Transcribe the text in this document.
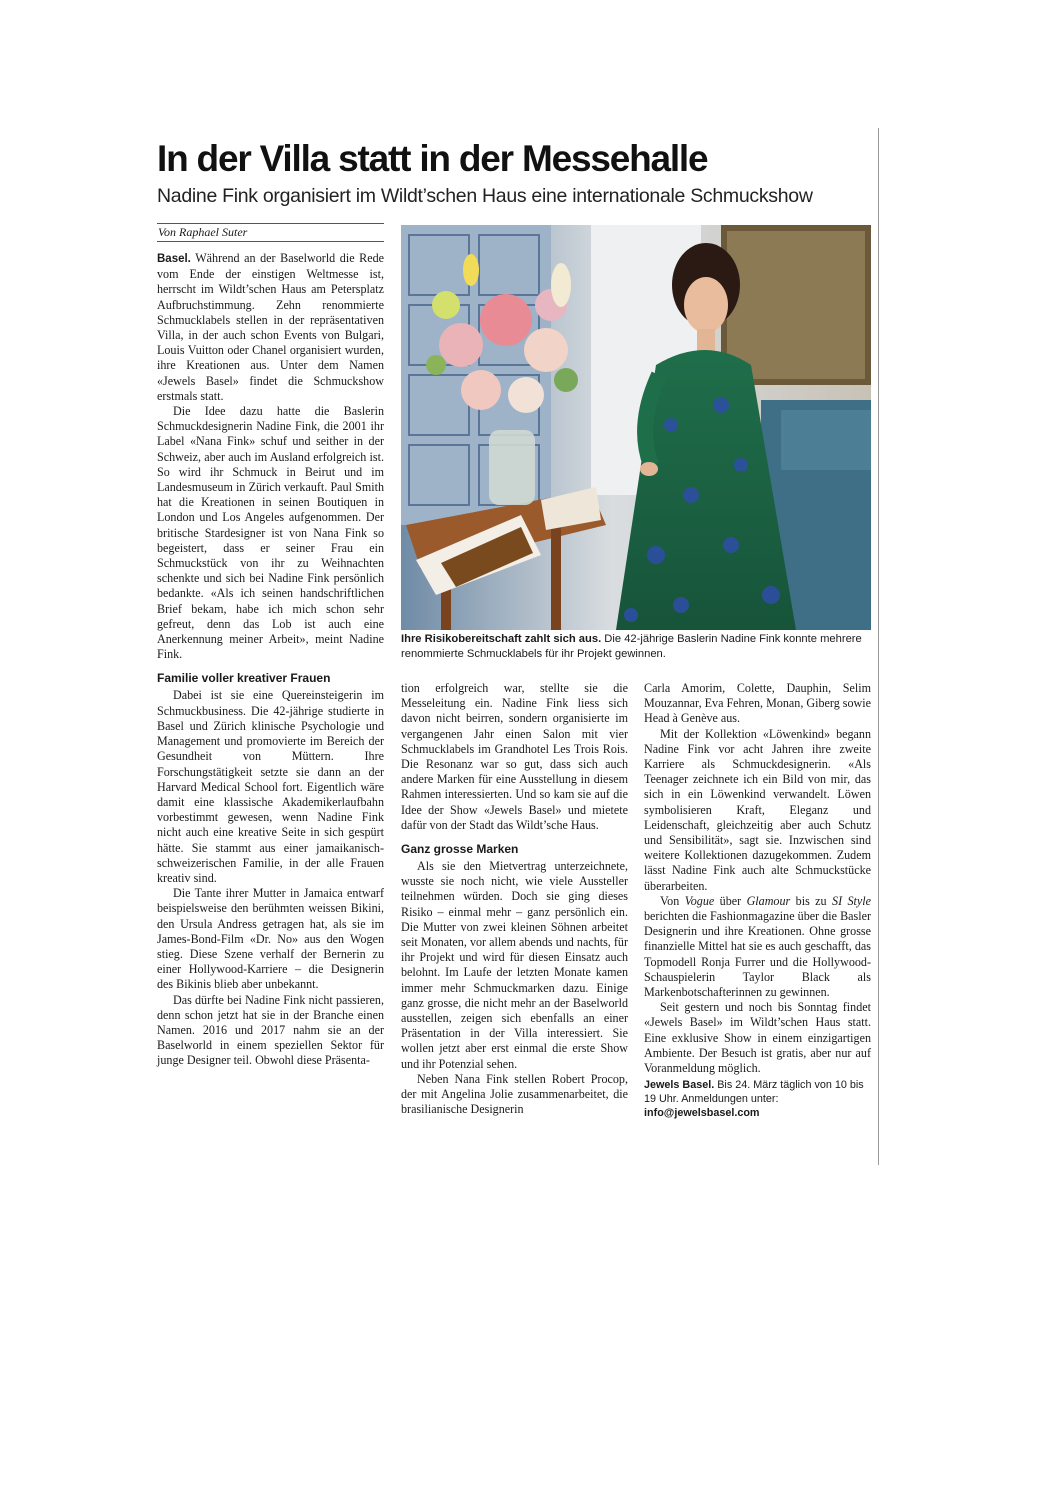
In der Villa statt in der Messehalle
Nadine Fink organisiert im Wildt’schen Haus eine internationale Schmuckshow
Von Raphael Suter

Basel. Während an der Baselworld die Rede vom Ende der einstigen Weltmesse ist, herrscht im Wildt’schen Haus am Petersplatz Aufbruchstimmung. Zehn renommierte Schmucklabels stellen in der repräsentativen Villa, in der auch schon Events von Bulgari, Louis Vuitton oder Chanel organisiert wurden, ihre Kreationen aus. Unter dem Namen «Jewels Basel» findet die Schmuckshow erstmals statt.

Die Idee dazu hatte die Baslerin Schmuckdesignerin Nadine Fink, die 2001 ihr Label «Nana Fink» schuf und seither in der Schweiz, aber auch im Ausland erfolgreich ist. So wird ihr Schmuck in Beirut und im Landesmuseum in Zürich verkauft. Paul Smith hat die Kreationen in seinen Boutiquen in London und Los Angeles aufgenommen. Der britische Stardesigner ist von Nana Fink so begeistert, dass er seiner Frau ein Schmuckstück von ihr zu Weihnachten schenkte und sich bei Nadine Fink persönlich bedankte. «Als ich seinen handschriftlichen Brief bekam, habe ich mich schon sehr gefreut, denn das Lob ist auch eine Anerkennung meiner Arbeit», meint Nadine Fink.

Familie voller kreativer Frauen

Dabei ist sie eine Quereinsteigerin im Schmuckbusiness. Die 42-jährige studierte in Basel und Zürich klinische Psychologie und Management und promovierte im Bereich der Gesundheit von Müttern. Ihre Forschungstätigkeit setzte sie dann an der Harvard Medical School fort. Eigentlich wäre damit eine klassische Akademikerlaufbahn vorbestimmt gewesen, wenn Nadine Fink nicht auch eine kreative Seite in sich gespürt hätte. Sie stammt aus einer jamaikanisch-schweizerischen Familie, in der alle Frauen kreativ sind.

Die Tante ihrer Mutter in Jamaica entwarf beispielsweise den berühmten weissen Bikini, den Ursula Andress getragen hat, als sie im James-Bond-Film «Dr. No» aus den Wogen stieg. Diese Szene verhalf der Bernerin zu einer Hollywood-Karriere – die Designerin des Bikinis blieb aber unbekannt.

Das dürfte bei Nadine Fink nicht passieren, denn schon jetzt hat sie in der Branche einen Namen. 2016 und 2017 nahm sie an der Baselworld in einem speziellen Sektor für junge Designer teil. Obwohl diese Präsenta-

Ihre Risikobereitschaft zahlt sich aus. Die 42-jährige Baslerin Nadine Fink konnte mehrere renommierte Schmucklabels für ihr Projekt gewinnen.

tion erfolgreich war, stellte sie die Messeleitung ein. Nadine Fink liess sich davon nicht beirren, sondern organisierte im vergangenen Jahr einen Salon mit vier Schmucklabels im Grandhotel Les Trois Rois. Die Resonanz war so gut, dass sich auch andere Marken für eine Ausstellung in diesem Rahmen interessierten. Und so kam sie auf die Idee der Show «Jewels Basel» und mietete dafür von der Stadt das Wildt’sche Haus.

Ganz grosse Marken

Als sie den Mietvertrag unterzeichnete, wusste sie noch nicht, wie viele Aussteller teilnehmen würden. Doch sie ging dieses Risiko – einmal mehr – ganz persönlich ein. Die Mutter von zwei kleinen Söhnen arbeitet seit Monaten, vor allem abends und nachts, für ihr Projekt und wird für diesen Einsatz auch belohnt. Im Laufe der letzten Monate kamen immer mehr Schmuckmarken dazu. Einige ganz grosse, die nicht mehr an der Baselworld ausstellen, zeigen sich ebenfalls an einer Präsentation in der Villa interessiert. Sie wollen jetzt aber erst einmal die erste Show und ihr Potenzial sehen.

Neben Nana Fink stellen Robert Procop, der mit Angelina Jolie zusammenarbeitet, die brasilianische Designerin

Carla Amorim, Colette, Dauphin, Selim Mouzannar, Eva Fehren, Monan, Giberg sowie Head à Genève aus.

Mit der Kollektion «Löwenkind» begann Nadine Fink vor acht Jahren ihre zweite Karriere als Schmuckdesignerin. «Als Teenager zeichnete ich ein Bild von mir, das sich in ein Löwenkind verwandelt. Löwen symbolisieren Kraft, Eleganz und Leidenschaft, gleichzeitig aber auch Schutz und Sensibilität», sagt sie. Inzwischen sind weitere Kollektionen dazugekommen. Zudem lässt Nadine Fink auch alte Schmuckstücke überarbeiten.

Von Vogue über Glamour bis zu SI Style berichten die Fashionmagazine über die Basler Designerin und ihre Kreationen. Ohne grosse finanzielle Mittel hat sie es auch geschafft, das Topmodell Ronja Furrer und die Hollywood-Schauspielerin Taylor Black als Markenbotschafterinnen zu gewinnen.

Seit gestern und noch bis Sonntag findet «Jewels Basel» im Wildt’schen Haus statt. Eine exklusive Show in einem einzigartigen Ambiente. Der Besuch ist gratis, aber nur auf Voranmeldung möglich.

Jewels Basel. Bis 24. März täglich von 10 bis 19 Uhr. Anmeldungen unter:
info@jewelsbasel.com
